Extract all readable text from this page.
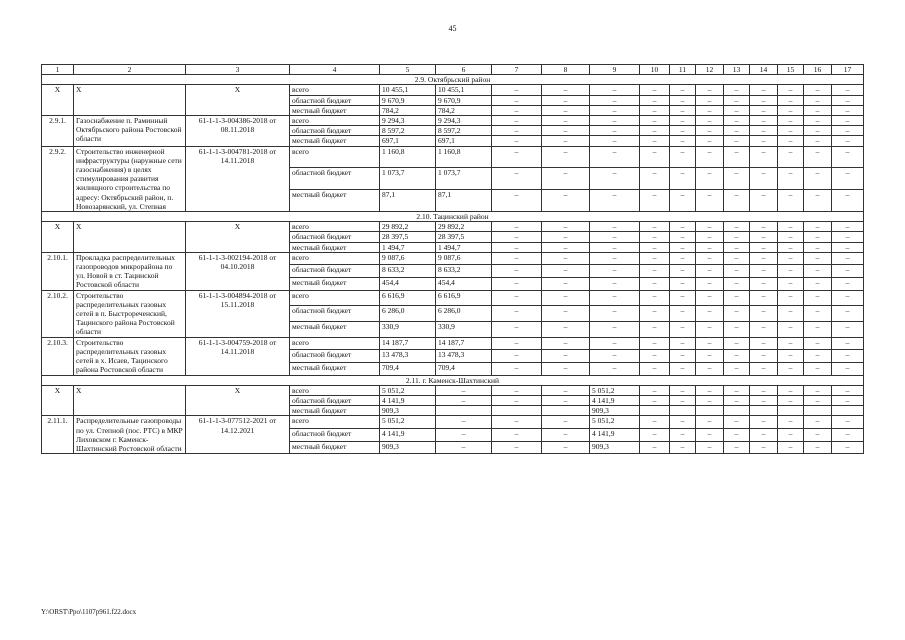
45
1	2	3	4	5	6	7	8	9	10	11	12	13	14	15	16	17
2.9. Октябрьский район																
X	X	X	всего	10 455,1	10 455,1	–	–	–	–	–	–	–	–	–	–	–
			областной бюджет	9 670,9	9 670,9	–	–	–	–	–	–	–	–	–	–	–
			местный бюджет	784,2	784,2	–	–	–	–	–	–	–	–	–	–	–
2.9.1.	Газоснабжение п. Раминный Октябрьского района Ростовской области	61-1-1-3-004386-2018 от 08.11.2018	всего	9 294,3	9 294,3	–	–	–	–	–	–	–	–	–	–	–
			областной бюджет	8 597,2	8 597,2	–	–	–	–	–	–	–	–	–	–	–
			местный бюджет	697,1	697,1	–	–	–	–	–	–	–	–	–	–	–
2.9.2.	Строительство инженерной инфраструктуры (наружные сети газоснабжения) в целях стимулирования развития жилищного строительства по адресу: Октябрьский район, п. Новозарянский, ул. Степная	61-1-1-3-004781-2018 от 14.11.2018	всего	1 160,8	1 160,8	–	–	–	–	–	–	–	–	–	–	–
			областной бюджет	1 073,7	1 073,7	–	–	–	–	–	–	–	–	–	–	–
			местный бюджет	87,1	87,1	–	–	–	–	–	–	–	–	–	–	–
2.10. Тацинский район																
X	X	X	всего	29 892,2	29 892,2	–	–	–	–	–	–	–	–	–	–	–
			областной бюджет	28 397,5	28 397,5	–	–	–	–	–	–	–	–	–	–	–
			местный бюджет	1 494,7	1 494,7	–	–	–	–	–	–	–	–	–	–	–
2.10.1.	Прокладка распределительных газопроводов микрорайона по ул. Новой в ст. Тацинской Ростовской области	61-1-1-3-002194-2018 от 04.10.2018	всего	9 087,6	9 087,6	–	–	–	–	–	–	–	–	–	–	–
			областной бюджет	8 633,2	8 633,2	–	–	–	–	–	–	–	–	–	–	–
			местный бюджет	454,4	454,4	–	–	–	–	–	–	–	–	–	–	–
2.10.2.	Строительство распределительных газовых сетей в п. Быстрореченский, Тацинского района Ростовской области	61-1-1-3-004894-2018 от 15.11.2018	всего	6 616,9	6 616,9	–	–	–	–	–	–	–	–	–	–	–
			областной бюджет	6 286,0	6 286,0	–	–	–	–	–	–	–	–	–	–	–
			местный бюджет	330,9	330,9	–	–	–	–	–	–	–	–	–	–	–
2.10.3.	Строительство распределительных газовых сетей в х. Исаев, Тацинского района Ростовской области	61-1-1-3-004759-2018 от 14.11.2018	всего	14 187,7	14 187,7	–	–	–	–	–	–	–	–	–	–	–
			областной бюджет	13 478,3	13 478,3	–	–	–	–	–	–	–	–	–	–	–
			местный бюджет	709,4	709,4	–	–	–	–	–	–	–	–	–	–	–
2.11. г. Каменск-Шахтинский																
X	X	X	всего	5 051,2	–	–	–	5 051,2	–	–	–	–	–	–	–	–
			областной бюджет	4 141,9	–	–	–	4 141,9	–	–	–	–	–	–	–	–
			местный бюджет	909,3				909,3								
2.11.1.	Распределительные газопроводы по ул. Степной (пос. РТС) в МКР Лиховском г. Каменск-Шахтинский Ростовской области	61-1-1-3-077512-2021 от 14.12.2021	всего	5 051,2	–	–	–	5 051,2	–	–	–	–	–	–	–	–
			областной бюджет	4 141,9	–	–	–	4 141,9	–	–	–	–	–	–	–	–
			местный бюджет	909,3	–	–	–	909,3	–	–	–	–	–	–	–	–
Y:\ORST\Ppo\1107p961.f22.docx
